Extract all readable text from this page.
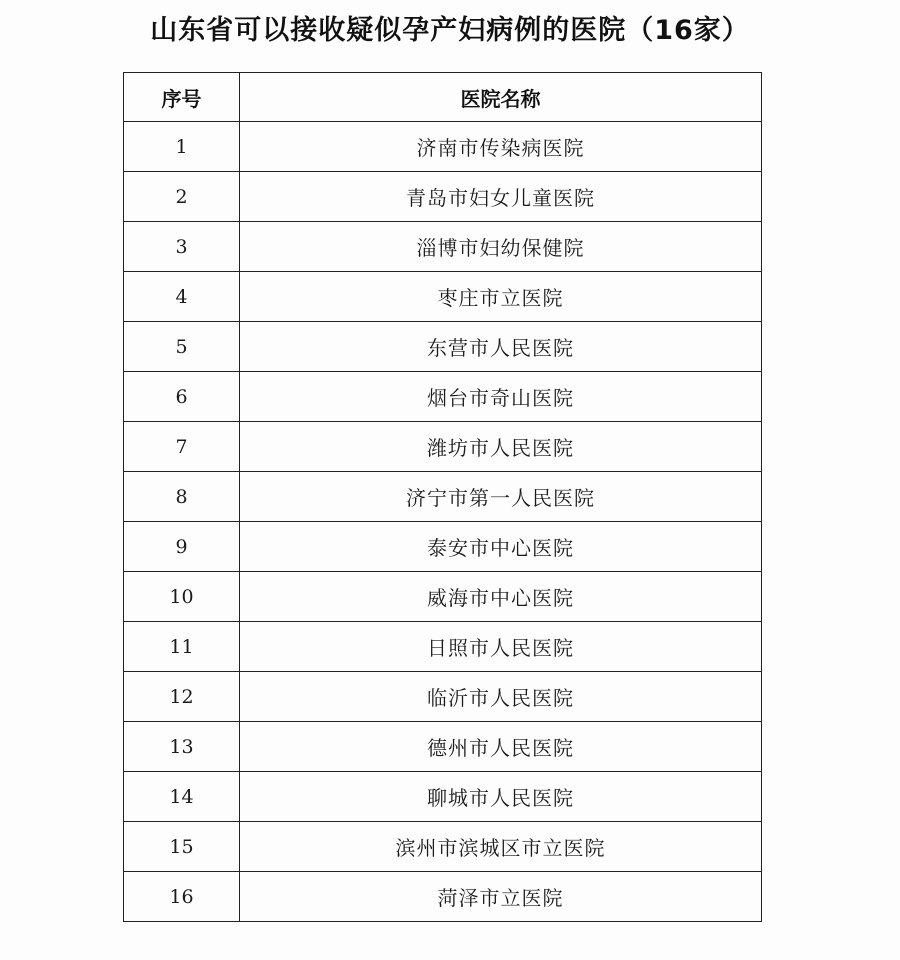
山东省可以接收疑似孕产妇病例的医院（16家）
序号	医院名称
1	济南市传染病医院
2	青岛市妇女儿童医院
3	淄博市妇幼保健院
4	枣庄市立医院
5	东营市人民医院
6	烟台市奇山医院
7	潍坊市人民医院
8	济宁市第一人民医院
9	泰安市中心医院
10	威海市中心医院
11	日照市人民医院
12	临沂市人民医院
13	德州市人民医院
14	聊城市人民医院
15	滨州市滨城区市立医院
16	菏泽市立医院
